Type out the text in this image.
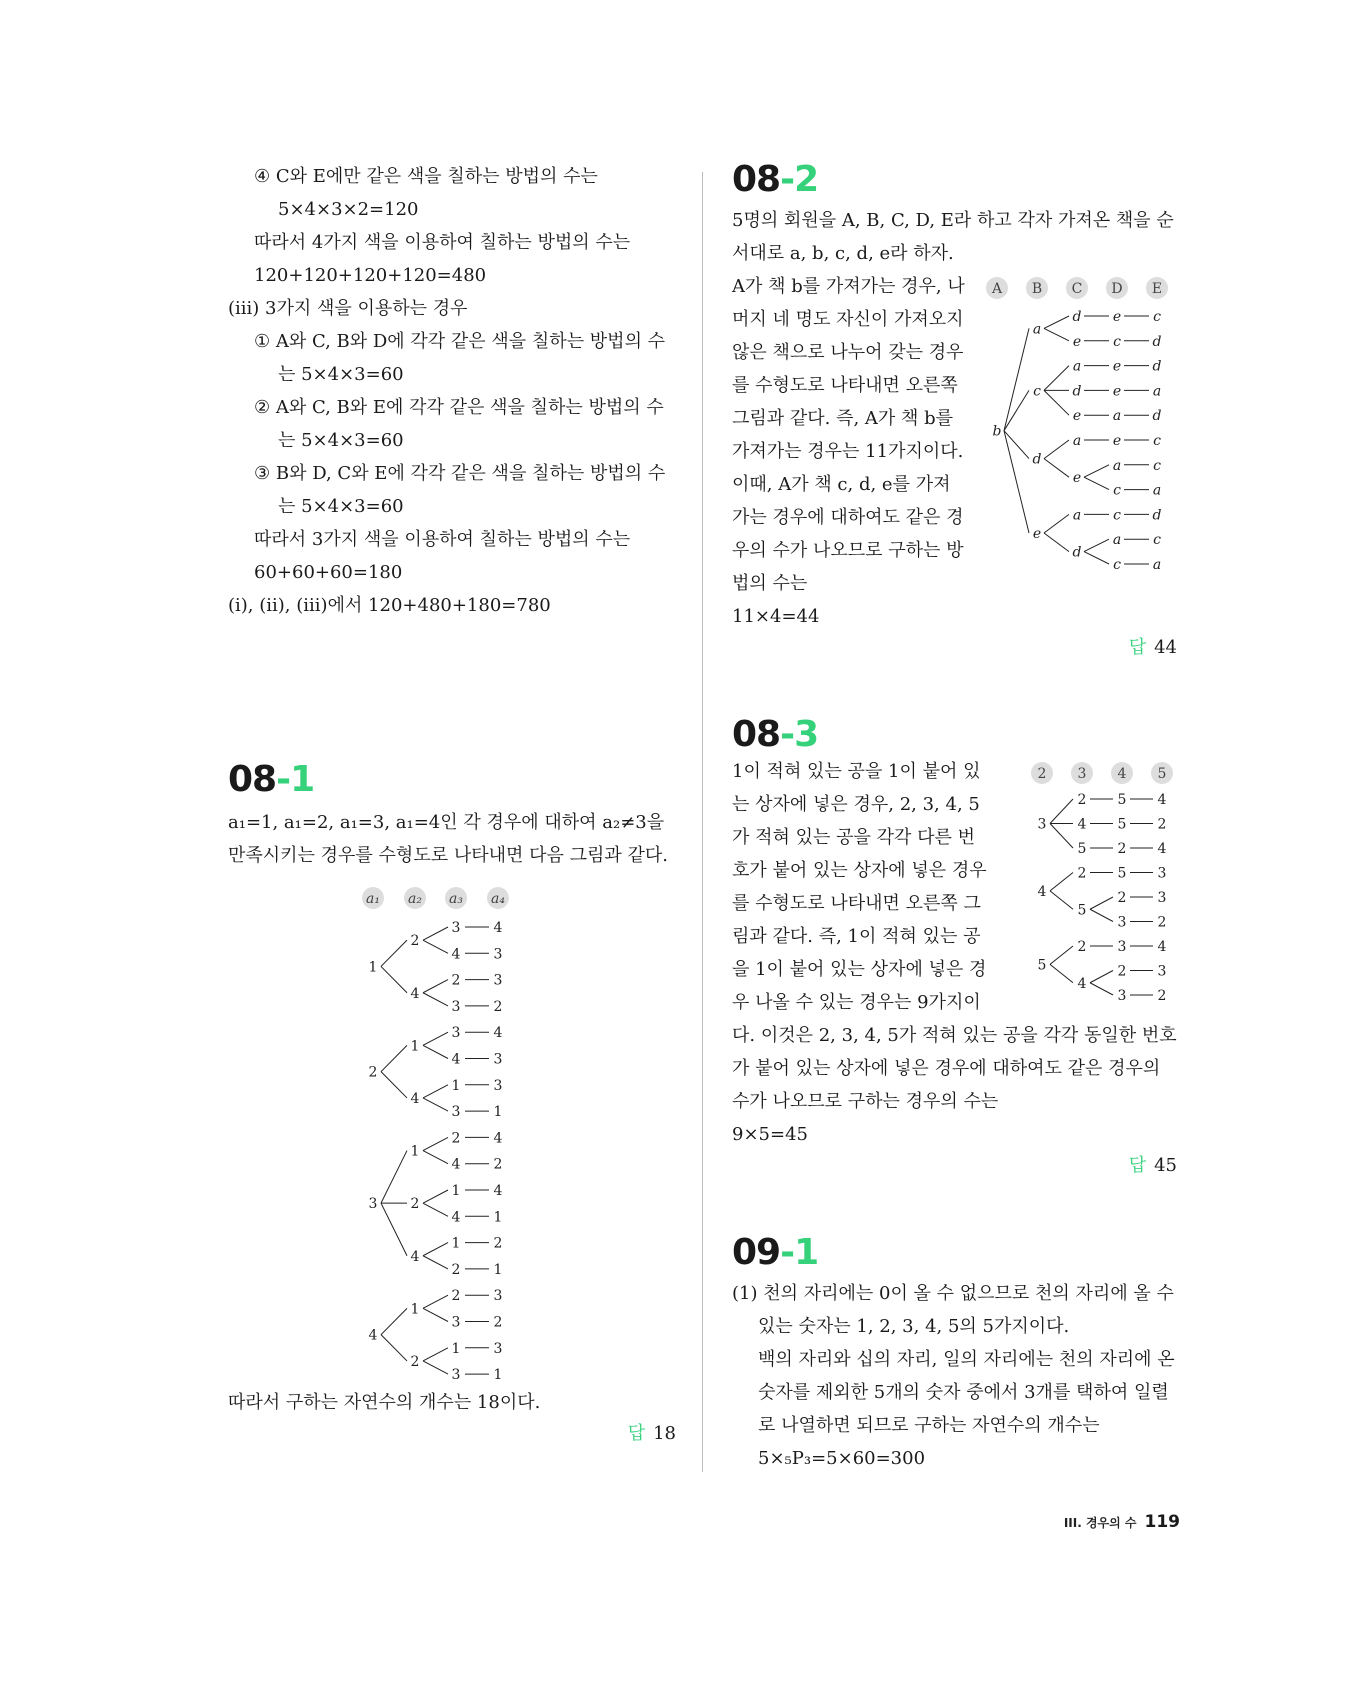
④ C와 E에만 같은 색을 칠하는 방법의 수는
5×4×3×2=120
따라서 4가지 색을 이용하여 칠하는 방법의 수는
120+120+120+120=480
(iii) 3가지 색을 이용하는 경우
① A와 C, B와 D에 각각 같은 색을 칠하는 방법의 수
는 5×4×3=60
② A와 C, B와 E에 각각 같은 색을 칠하는 방법의 수
는 5×4×3=60
③ B와 D, C와 E에 각각 같은 색을 칠하는 방법의 수
는 5×4×3=60
따라서 3가지 색을 이용하여 칠하는 방법의 수는
60+60+60=180
(i), (ii), (iii)에서 120+480+180=780
08-1
a₁=1, a₁=2, a₁=3, a₁=4인 각 경우에 대하여 a₂≠3을 만족시키는 경우를 수형도로 나타내면 다음 그림과 같다.
a₁ a₂ a₃ a₄
1
2
3 4
4 3
4
2 3
3 2
2
1
3 4
4 3
4
1 3
3 1
3
1
2 4
4 2
2
1 4
4 1
4
1 2
2 1
4
1
2 3
3 2
2
1 3
3 1
따라서 구하는 자연수의 개수는 18이다.
답 18
08-2
5명의 회원을 A, B, C, D, E라 하고 각자 가져온 책을 순서대로 a, b, c, d, e라 하자.
A B C D E
b
a
d e c
e c d
c
a e d
d e a
e a d
d
a e c
e
a c
c a
e
a c d
d
a c
c a
A가 책 b를 가져가는 경우, 나머지 네 명도 자신이 가져오지 않은 책으로 나누어 갖는 경우를 수형도로 나타내면 오른쪽 그림과 같다. 즉, A가 책 b를 가져가는 경우는 11가지이다. 이때, A가 책 c, d, e를 가져가는 경우에 대하여도 같은 경우의 수가 나오므로 구하는 방법의 수는
11×4=44
답 44
08-3
2 3 4 5
3
2 5 4
4 5 2
5 2 4
4
2 5 3
5
2 3
3 2
5
2 3 4
4
2 3
3 2
1이 적혀 있는 공을 1이 붙어 있는 상자에 넣은 경우, 2, 3, 4, 5가 적혀 있는 공을 각각 다른 번호가 붙어 있는 상자에 넣은 경우를 수형도로 나타내면 오른쪽 그림과 같다. 즉, 1이 적혀 있는 공을 1이 붙어 있는 상자에 넣은 경우 나올 수 있는 경우는 9가지이다. 이것은 2, 3, 4, 5가 적혀 있는 공을 각각 동일한 번호가 붙어 있는 상자에 넣은 경우에 대하여도 같은 경우의 수가 나오므로 구하는 경우의 수는
9×5=45
답 45
09-1
(1) 천의 자리에는 0이 올 수 없으므로 천의 자리에 올 수 있는 숫자는 1, 2, 3, 4, 5의 5가지이다.
백의 자리와 십의 자리, 일의 자리에는 천의 자리에 온 숫자를 제외한 5개의 숫자 중에서 3개를 택하여 일렬로 나열하면 되므로 구하는 자연수의 개수는
5×₅P₃=5×60=300
III. 경우의 수 119
